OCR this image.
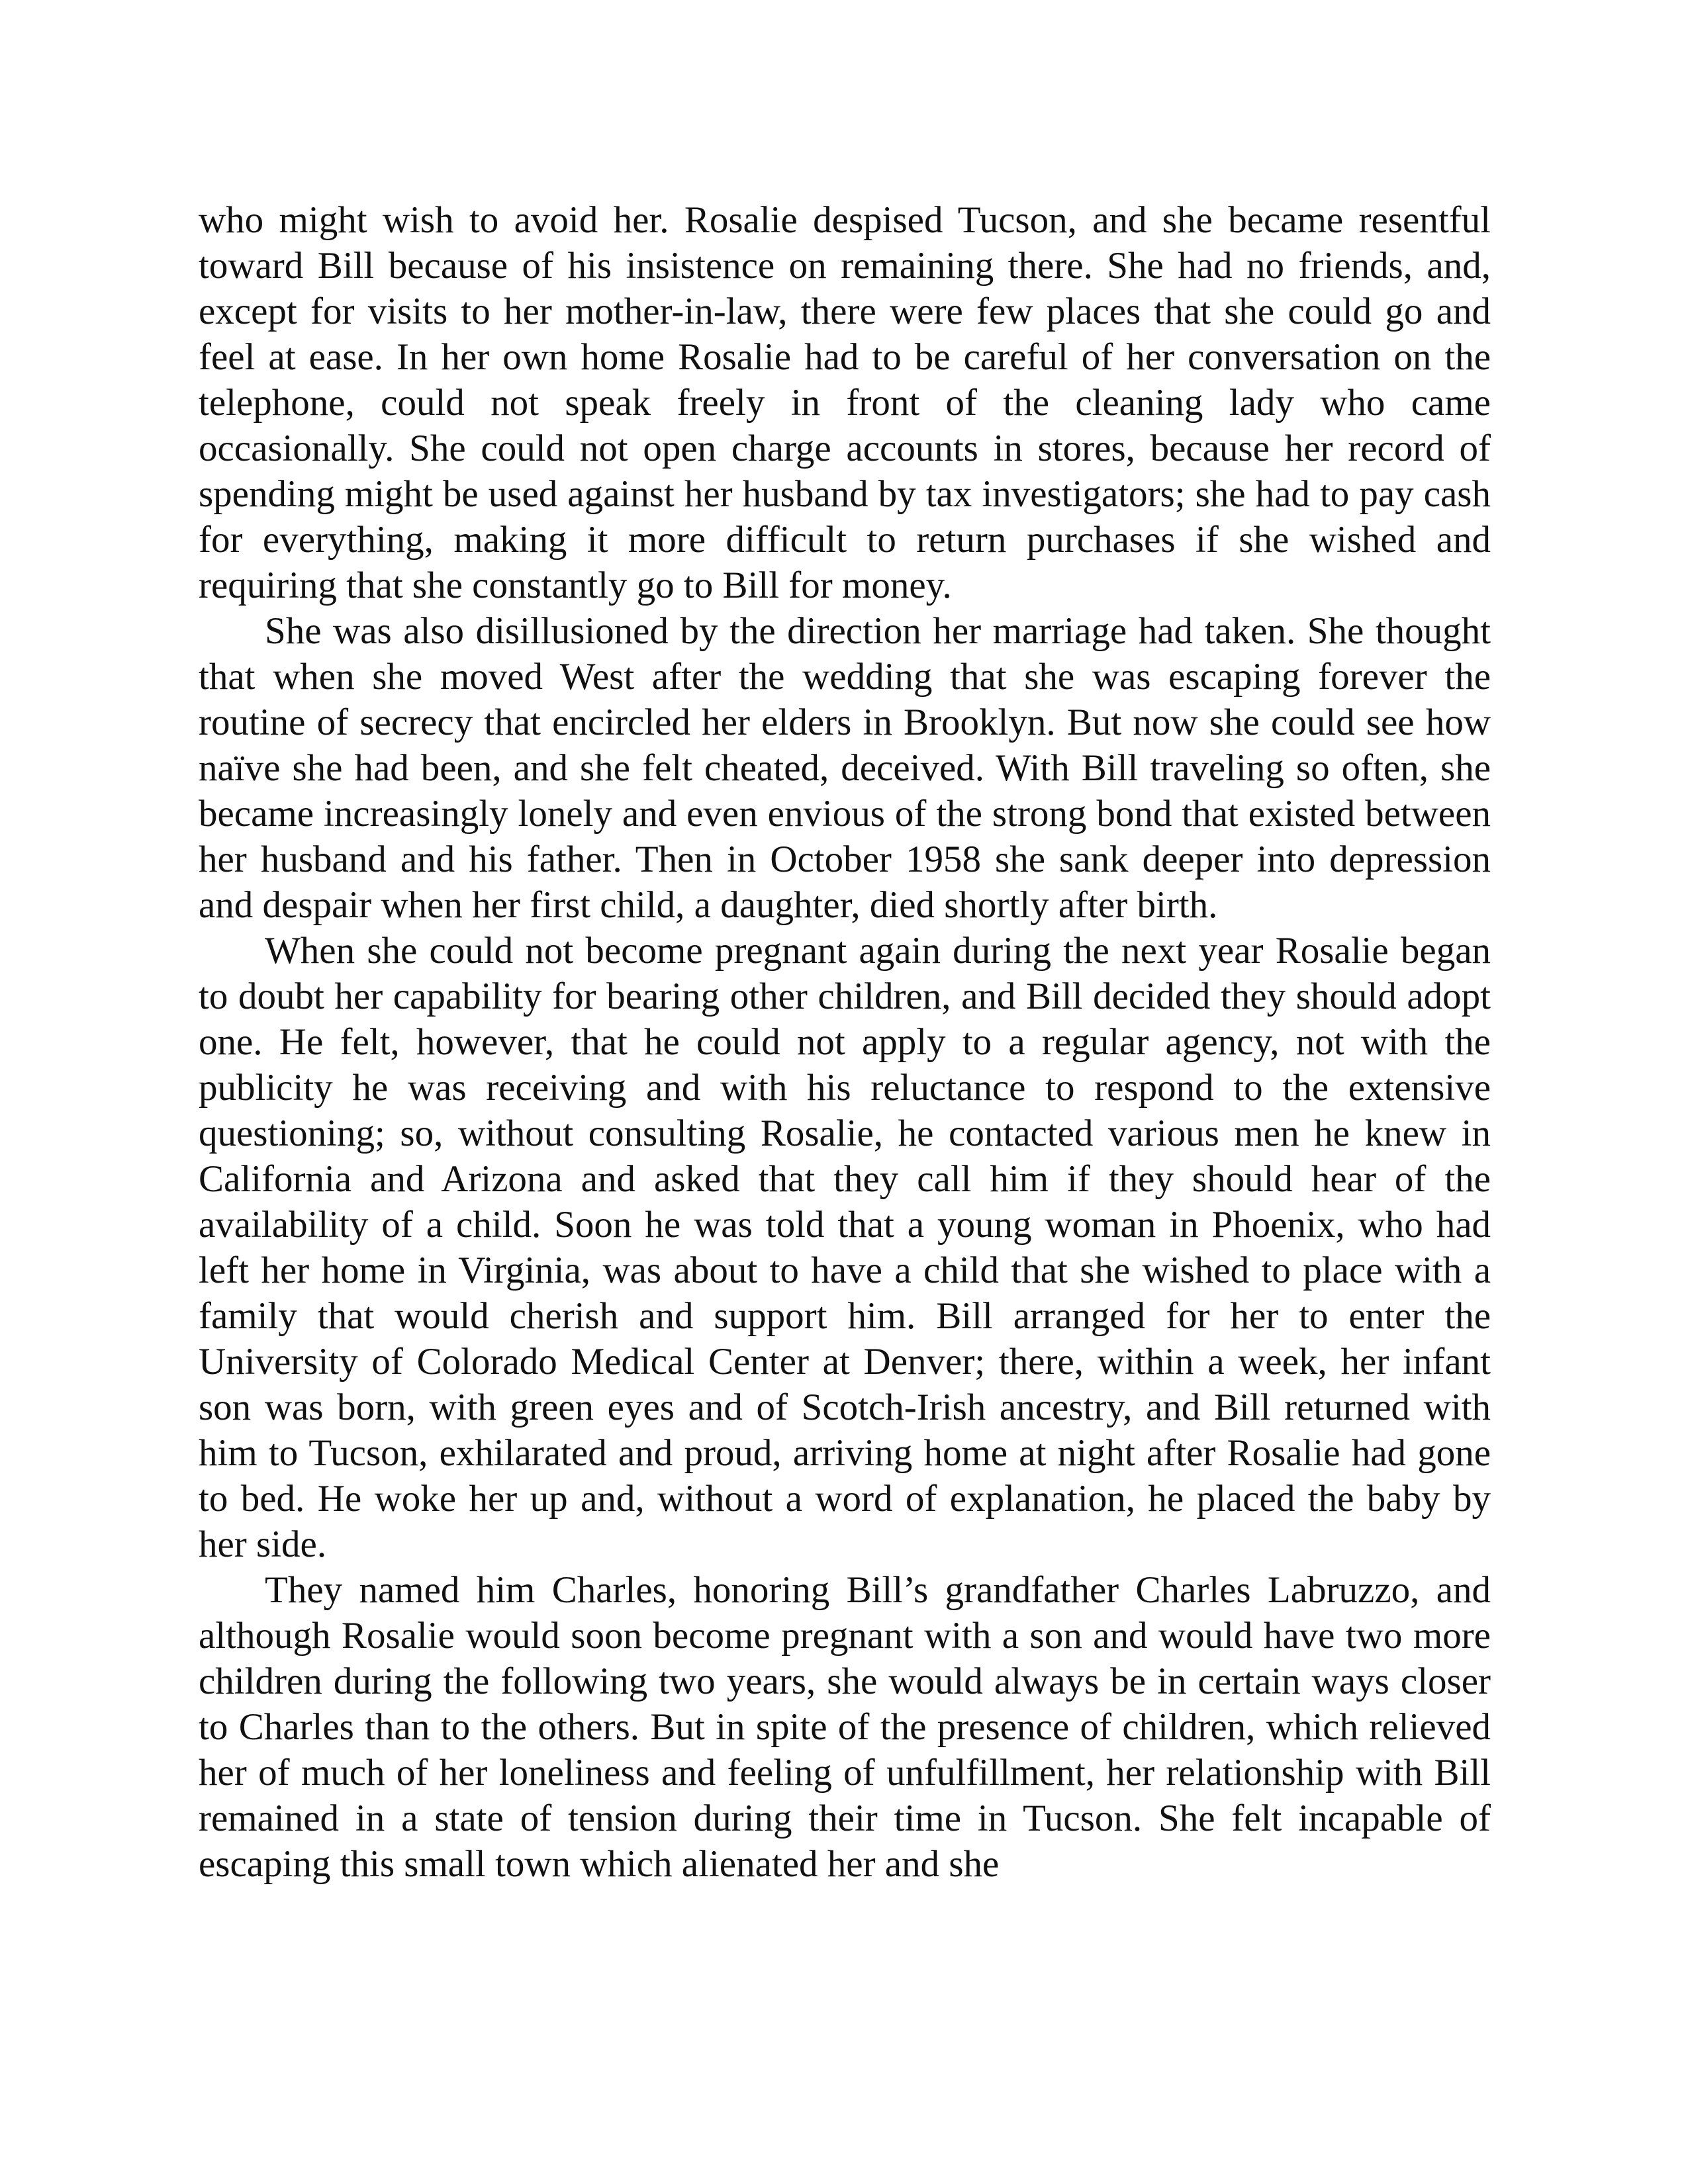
who might wish to avoid her. Rosalie despised Tucson, and she became resentful toward Bill because of his insistence on remaining there. She had no friends, and, except for visits to her mother-in-law, there were few places that she could go and feel at ease. In her own home Rosalie had to be careful of her conversation on the telephone, could not speak freely in front of the cleaning lady who came occasionally. She could not open charge accounts in stores, because her record of spending might be used against her husband by tax investigators; she had to pay cash for everything, making it more difficult to return purchases if she wished and requiring that she constantly go to Bill for money.

She was also disillusioned by the direction her marriage had taken. She thought that when she moved West after the wedding that she was escaping forever the routine of secrecy that encircled her elders in Brooklyn. But now she could see how naïve she had been, and she felt cheated, deceived. With Bill traveling so often, she became increasingly lonely and even envious of the strong bond that existed between her husband and his father. Then in October 1958 she sank deeper into depression and despair when her first child, a daughter, died shortly after birth.

When she could not become pregnant again during the next year Rosalie began to doubt her capability for bearing other children, and Bill decided they should adopt one. He felt, however, that he could not apply to a regular agency, not with the publicity he was receiving and with his reluctance to respond to the extensive questioning; so, without consulting Rosalie, he contacted various men he knew in California and Arizona and asked that they call him if they should hear of the availability of a child. Soon he was told that a young woman in Phoenix, who had left her home in Virginia, was about to have a child that she wished to place with a family that would cherish and support him. Bill arranged for her to enter the University of Colorado Medical Center at Denver; there, within a week, her infant son was born, with green eyes and of Scotch-Irish ancestry, and Bill returned with him to Tucson, exhilarated and proud, arriving home at night after Rosalie had gone to bed. He woke her up and, without a word of explanation, he placed the baby by her side.

They named him Charles, honoring Bill’s grandfather Charles Labruzzo, and although Rosalie would soon become pregnant with a son and would have two more children during the following two years, she would always be in certain ways closer to Charles than to the others. But in spite of the presence of children, which relieved her of much of her loneliness and feeling of unfulfillment, her relationship with Bill remained in a state of tension during their time in Tucson. She felt incapable of escaping this small town which alienated her and she
